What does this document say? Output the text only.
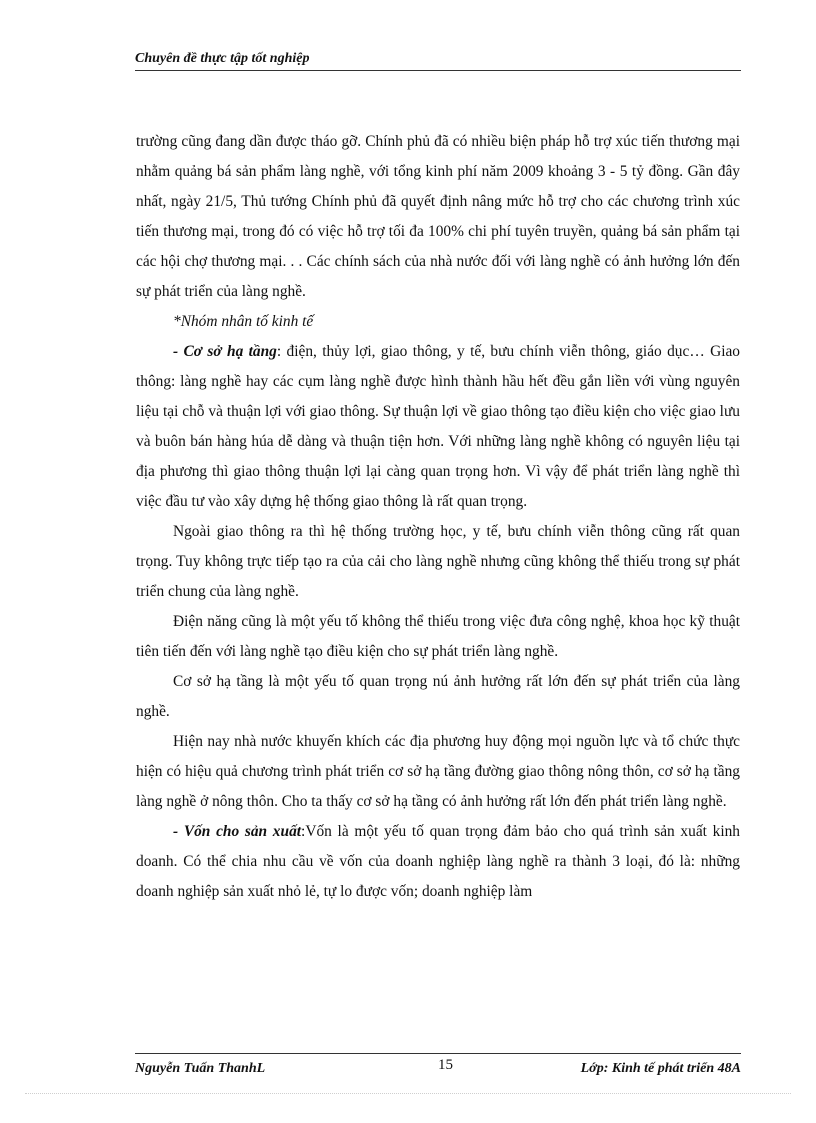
Chuyên đề thực tập tốt nghiệp

trường cũng đang dần được tháo gỡ. Chính phủ đã có nhiều biện pháp hỗ trợ xúc tiến thương mại nhằm quảng bá sản phẩm làng nghề, với tổng kinh phí năm 2009 khoảng 3 - 5 tỷ đồng. Gần đây nhất, ngày 21/5, Thủ tướng Chính phủ đã quyết định nâng mức hỗ trợ cho các chương trình xúc tiến thương mại, trong đó có việc hỗ trợ tối đa 100% chi phí tuyên truyền, quảng bá sản phẩm tại các hội chợ thương mại. . . Các chính sách của nhà nước đối với làng nghề có ảnh hưởng lớn đến sự phát triển của làng nghề.

*Nhóm nhân tố kinh tế

- Cơ sở hạ tầng: điện, thủy lợi, giao thông, y tế, bưu chính viễn thông, giáo dục… Giao thông: làng nghề hay các cụm làng nghề được hình thành hầu hết đều gắn liền với vùng nguyên liệu tại chỗ và thuận lợi với giao thông. Sự thuận lợi về giao thông tạo điều kiện cho việc giao lưu và buôn bán hàng húa dễ dàng và thuận tiện hơn. Với những làng nghề không có nguyên liệu tại địa phương thì giao thông thuận lợi lại càng quan trọng hơn. Vì vậy để phát triển làng nghề thì việc đầu tư vào xây dựng hệ thống giao thông là rất quan trọng.

Ngoài giao thông ra thì hệ thống trường học, y tế, bưu chính viễn thông cũng rất quan trọng. Tuy không trực tiếp tạo ra của cải cho làng nghề nhưng cũng không thể thiếu trong sự phát triển chung của làng nghề.

Điện năng cũng là một yếu tố không thể thiếu trong việc đưa công nghệ, khoa học kỹ thuật tiên tiến đến với làng nghề tạo điều kiện cho sự phát triển làng nghề.

Cơ sở hạ tầng là một yếu tố quan trọng nú ảnh hưởng rất lớn đến sự phát triển của làng nghề.

Hiện nay nhà nước khuyến khích các địa phương huy động mọi nguồn lực và tổ chức thực hiện có hiệu quả chương trình phát triển cơ sở hạ tầng đường giao thông nông thôn, cơ sở hạ tầng làng nghề ở nông thôn. Cho ta thấy cơ sở hạ tầng có ảnh hưởng rất lớn đến phát triển làng nghề.

- Vốn cho sản xuất:Vốn là một yếu tố quan trọng đảm bảo cho quá trình sản xuất kinh doanh. Có thể chia nhu cầu về vốn của doanh nghiệp làng nghề ra thành 3 loại, đó là: những doanh nghiệp sản xuất nhỏ lẻ, tự lo được vốn; doanh nghiệp làm

Nguyễn Tuấn ThanhL	15	Lớp: Kinh tế phát triển 48A
